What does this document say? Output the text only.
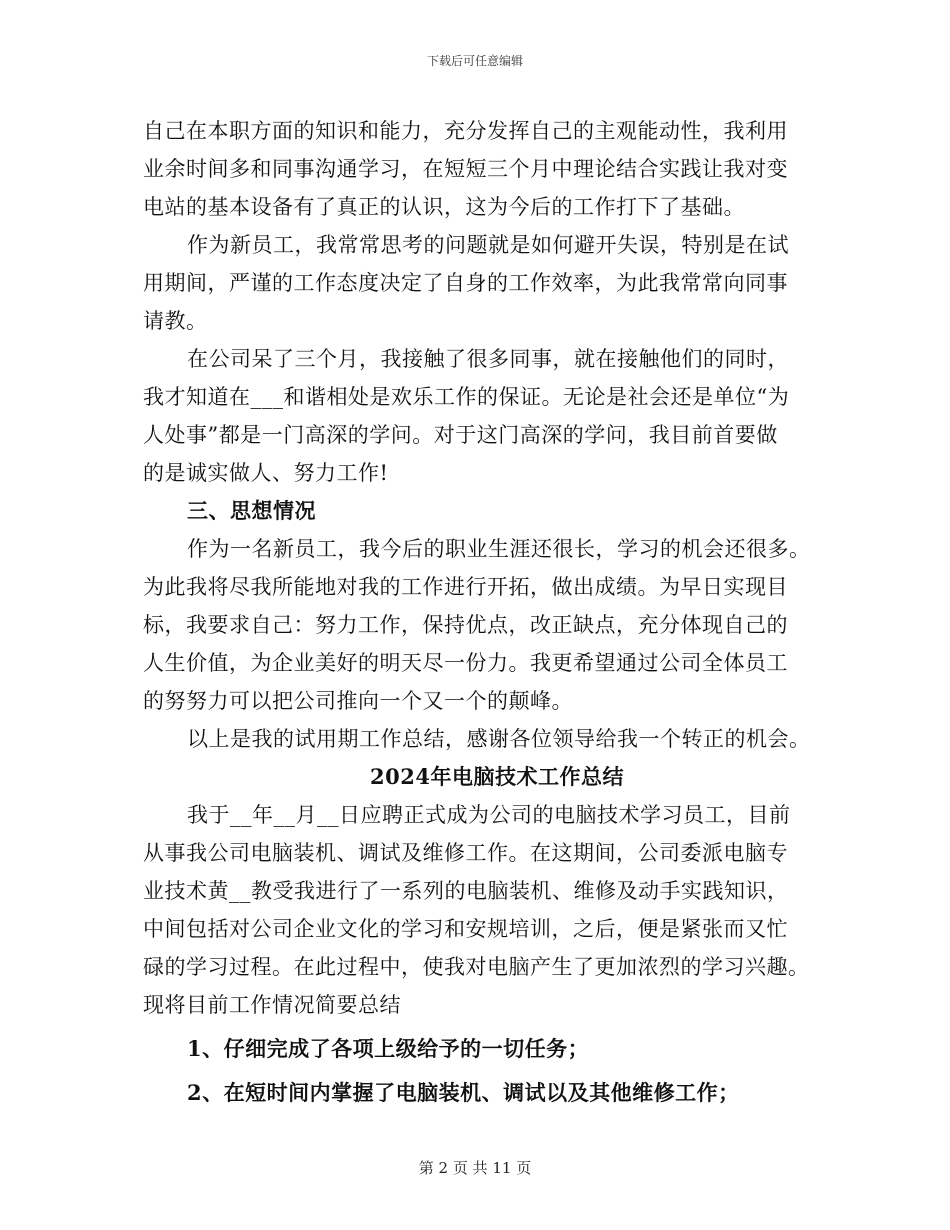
下载后可任意编辑
自己在本职方面的知识和能力，充分发挥自己的主观能动性，我利用
业余时间多和同事沟通学习，在短短三个月中理论结合实践让我对变
电站的基本设备有了真正的认识，这为今后的工作打下了基础。
作为新员工，我常常思考的问题就是如何避开失误，特别是在试
用期间，严谨的工作态度决定了自身的工作效率，为此我常常向同事
请教。
在公司呆了三个月，我接触了很多同事，就在接触他们的同时，
我才知道在___和谐相处是欢乐工作的保证。无论是社会还是单位“为
人处事”都是一门高深的学问。对于这门高深的学问，我目前首要做
的是诚实做人、努力工作!
三、思想情况
作为一名新员工，我今后的职业生涯还很长，学习的机会还很多。
为此我将尽我所能地对我的工作进行开拓，做出成绩。为早日实现目
标，我要求自己：努力工作，保持优点，改正缺点，充分体现自己的
人生价值，为企业美好的明天尽一份力。我更希望通过公司全体员工
的努努力可以把公司推向一个又一个的颠峰。
以上是我的试用期工作总结，感谢各位领导给我一个转正的机会。
2024年电脑技术工作总结
我于__年__月__日应聘正式成为公司的电脑技术学习员工，目前
从事我公司电脑装机、调试及维修工作。在这期间，公司委派电脑专
业技术黄__教受我进行了一系列的电脑装机、维修及动手实践知识，
中间包括对公司企业文化的学习和安规培训，之后，便是紧张而又忙
碌的学习过程。在此过程中，使我对电脑产生了更加浓烈的学习兴趣。
现将目前工作情况简要总结
1、仔细完成了各项上级给予的一切任务；
2、在短时间内掌握了电脑装机、调试以及其他维修工作；
第 2 页 共 11 页
